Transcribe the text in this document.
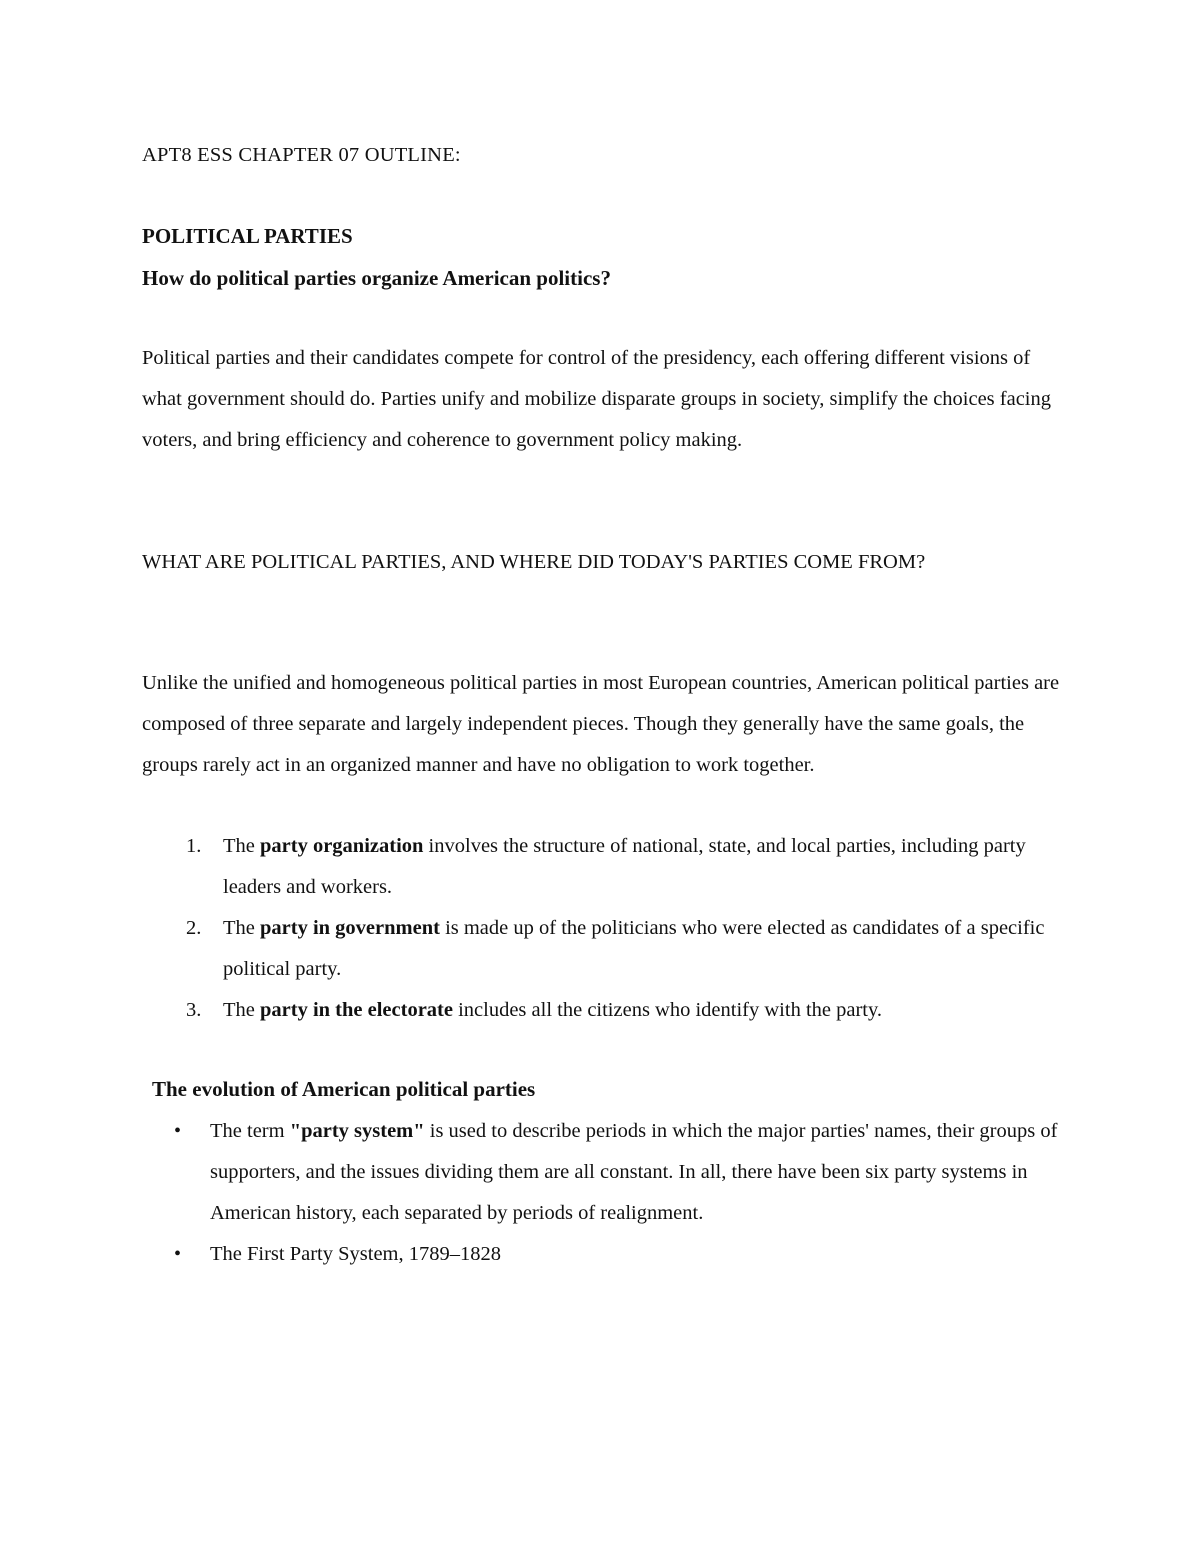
APT8 ESS CHAPTER 07 OUTLINE:

POLITICAL PARTIES

How do political parties organize American politics?

Political parties and their candidates compete for control of the presidency, each offering different visions of what government should do. Parties unify and mobilize disparate groups in society, simplify the choices facing voters, and bring efficiency and coherence to government policy making.

WHAT ARE POLITICAL PARTIES, AND WHERE DID TODAY'S PARTIES COME FROM?

Unlike the unified and homogeneous political parties in most European countries, American political parties are composed of three separate and largely independent pieces. Though they generally have the same goals, the groups rarely act in an organized manner and have no obligation to work together.

1. The party organization involves the structure of national, state, and local parties, including party leaders and workers.
2. The party in government is made up of the politicians who were elected as candidates of a specific political party.
3. The party in the electorate includes all the citizens who identify with the party.

The evolution of American political parties

• The term "party system" is used to describe periods in which the major parties' names, their groups of supporters, and the issues dividing them are all constant. In all, there have been six party systems in American history, each separated by periods of realignment.
• The First Party System, 1789–1828
